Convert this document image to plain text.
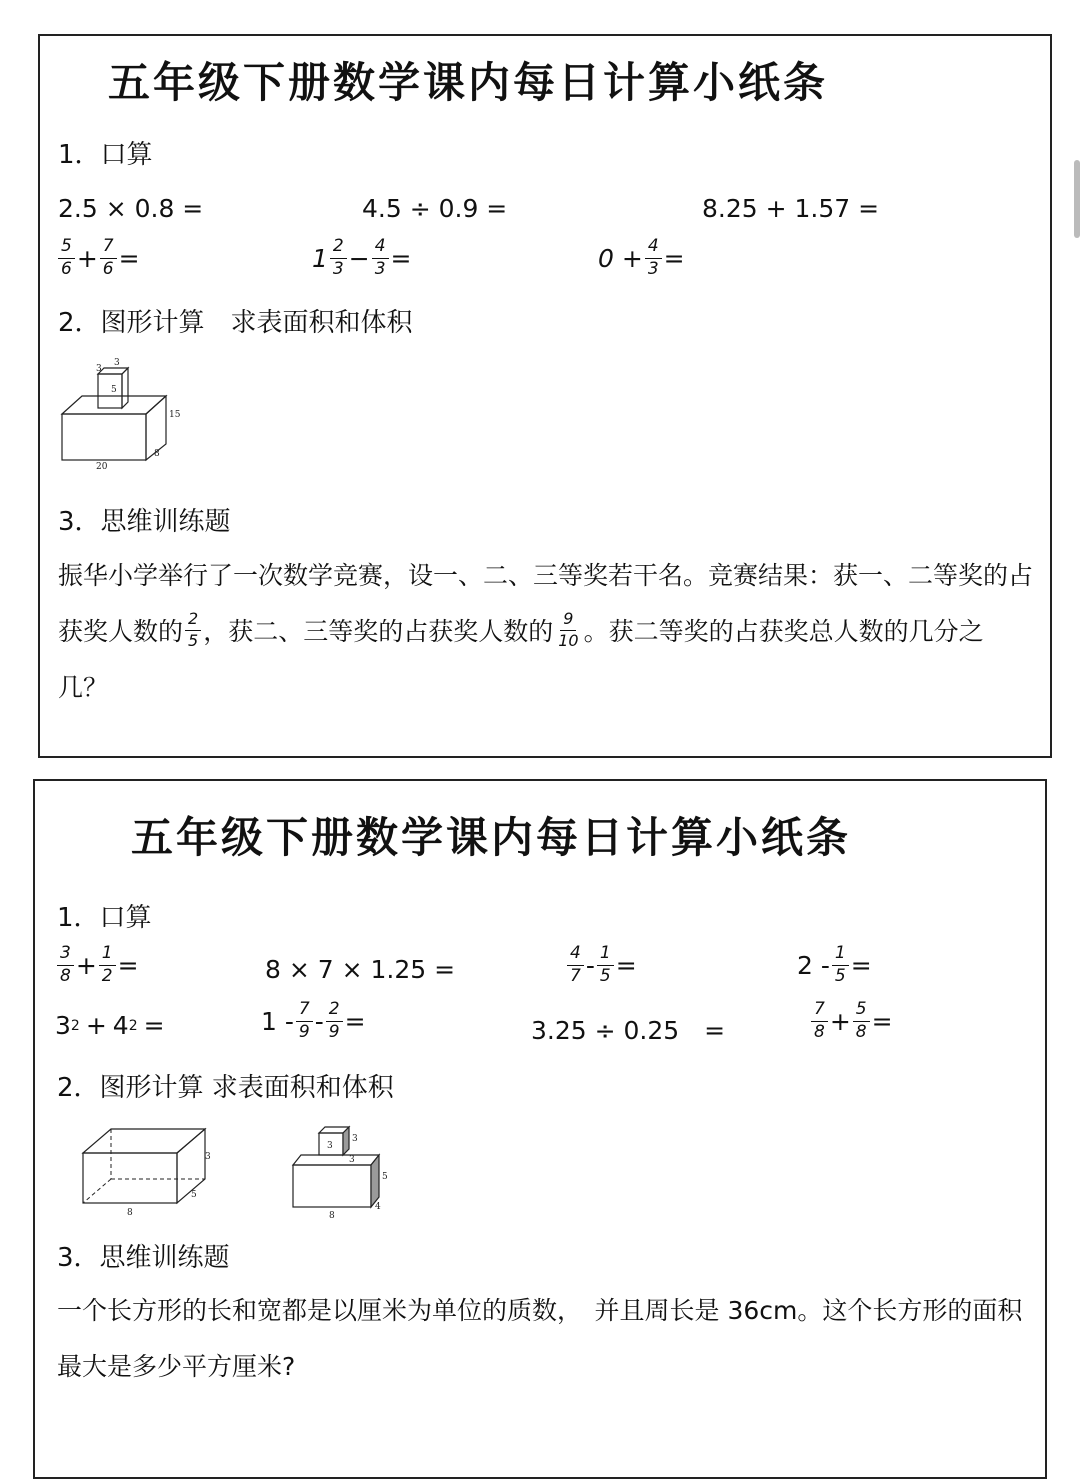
五年级下册数学课内每日计算小纸条
1．口算
2.5 × 0.8 =	4.5 ÷ 0.9 =	8.25 + 1.57 =
$\frac{5}{6} + \frac{7}{6}$ =	$1 \frac{2}{3} - \frac{4}{3}$ =	$0 + \frac{4}{3}$ =
2．图形计算　求表面积和体积
3
3
5
15
20
8
3．思维训练题
振华小学举行了一次数学竞赛，设一、二、三等奖若干名。竞赛结果：获一、二等奖的占获奖人数的 $\frac{2}{5}$ ，获二、三等奖的占获奖人数的 $\frac{9}{10}$ 。获二等奖的占获奖总人数的几分之几？
五年级下册数学课内每日计算小纸条
1．口算
$\frac{3}{8} + \frac{1}{2}$ =	8 × 7 × 1.25 =	$\frac{4}{7} - \frac{1}{5}$ =	$2 - \frac{1}{5}$ =
3 2 + 4 2 =	$1 - \frac{7}{9} - \frac{2}{9}$ =	3.25 ÷ 0.25　=	$\frac{7}{8} + \frac{5}{8}$ =
2．图形计算 求表面积和体积
3
5
8
3
3
3
5
4
8
3．思维训练题
一个长方形的长和宽都是以厘米为单位的质数，　并且周长是 36cm。这个长方形的面积最大是多少平方厘米?
